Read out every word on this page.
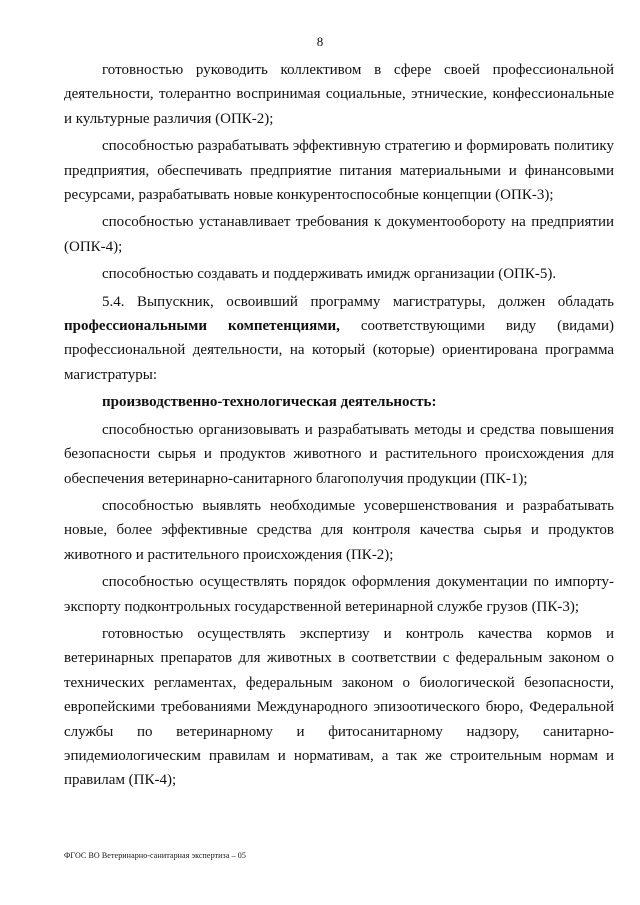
8

готовностью руководить коллективом в сфере своей профессиональной деятельности, толерантно воспринимая социальные, этнические, конфессиональные и культурные различия (ОПК-2);

способностью разрабатывать эффективную стратегию и формировать политику предприятия, обеспечивать предприятие питания материальными и финансовыми ресурсами, разрабатывать новые конкурентоспособные концепции (ОПК-3);

способностью устанавливает требования к документообороту на предприятии (ОПК-4);

способностью создавать и поддерживать имидж организации (ОПК-5).

5.4. Выпускник, освоивший программу магистратуры, должен обладать профессиональными компетенциями, соответствующими виду (видами) профессиональной деятельности, на который (которые) ориентирована программа магистратуры:

производственно-технологическая деятельность:

способностью организовывать и разрабатывать методы и средства повышения безопасности сырья и продуктов животного и растительного происхождения для обеспечения ветеринарно-санитарного благополучия продукции (ПК-1);

способностью выявлять необходимые усовершенствования и разрабатывать новые, более эффективные средства для контроля качества сырья и продуктов животного и растительного происхождения (ПК-2);

способностью осуществлять порядок оформления документации по импорту-экспорту подконтрольных государственной ветеринарной службе грузов (ПК-3);

готовностью осуществлять экспертизу и контроль качества кормов и ветеринарных препаратов для животных в соответствии с федеральным законом о технических регламентах, федеральным законом о биологической безопасности, европейскими требованиями Международного эпизоотического бюро, Федеральной службы по ветеринарному и фитосанитарному надзору, санитарно-эпидемиологическим правилам и нормативам, а так же строительным нормам и правилам (ПК-4);

ФГОС ВО Ветеринарно-санитарная экспертиза – 05
